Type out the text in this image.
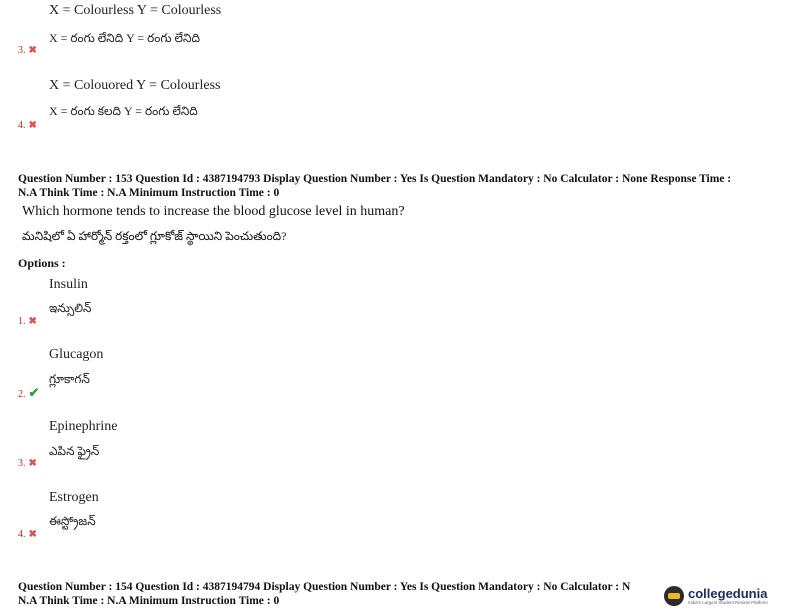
X = Colourless Y = Colourless
X = రంగు లేనిది Y = రంగు లేనిది
3. ✖
X = Colouored Y = Colourless
X = రంగు కలది Y = రంగు లేనిది
4. ✖
Question Number : 153 Question Id : 4387194793 Display Question Number : Yes Is Question Mandatory : No Calculator : None Response Time :
N.A Think Time : N.A Minimum Instruction Time : 0
Which hormone tends to increase the blood glucose level in human?
మనిషిలో ఏ హార్మోన్ రక్తంలో గ్లూకోజ్ స్థాయిని పెంచుతుంది?
Options :
Insulin
ఇన్సులిన్
1. ✖
Glucagon
గ్లూకాగన్
2. ✔
Epinephrine
ఎపిన ఫ్రైన్
3. ✖
Estrogen
ఈస్ట్రోజన్
4. ✖
Question Number : 154 Question Id : 4387194794 Display Question Number : Yes Is Question Mandatory : No Calculator : N
N.A Think Time : N.A Minimum Instruction Time : 0
collegedunia
India's Largest Student Review Platform
